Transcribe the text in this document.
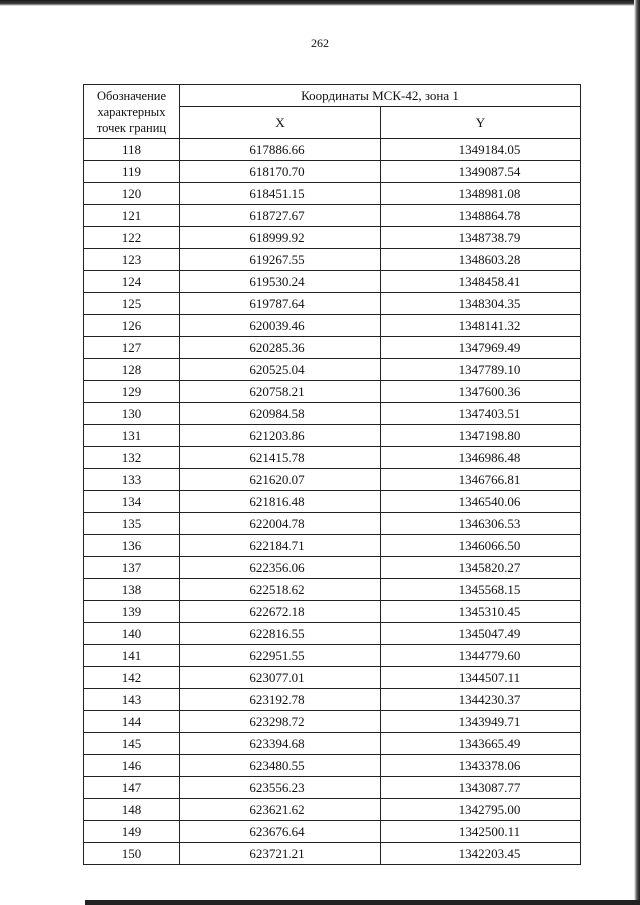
262
Обозначение
характерных
точек границ	Координаты МСК-42, зона 1	
	X	Y
118	617886.66	1349184.05
119	618170.70	1349087.54
120	618451.15	1348981.08
121	618727.67	1348864.78
122	618999.92	1348738.79
123	619267.55	1348603.28
124	619530.24	1348458.41
125	619787.64	1348304.35
126	620039.46	1348141.32
127	620285.36	1347969.49
128	620525.04	1347789.10
129	620758.21	1347600.36
130	620984.58	1347403.51
131	621203.86	1347198.80
132	621415.78	1346986.48
133	621620.07	1346766.81
134	621816.48	1346540.06
135	622004.78	1346306.53
136	622184.71	1346066.50
137	622356.06	1345820.27
138	622518.62	1345568.15
139	622672.18	1345310.45
140	622816.55	1345047.49
141	622951.55	1344779.60
142	623077.01	1344507.11
143	623192.78	1344230.37
144	623298.72	1343949.71
145	623394.68	1343665.49
146	623480.55	1343378.06
147	623556.23	1343087.77
148	623621.62	1342795.00
149	623676.64	1342500.11
150	623721.21	1342203.45
